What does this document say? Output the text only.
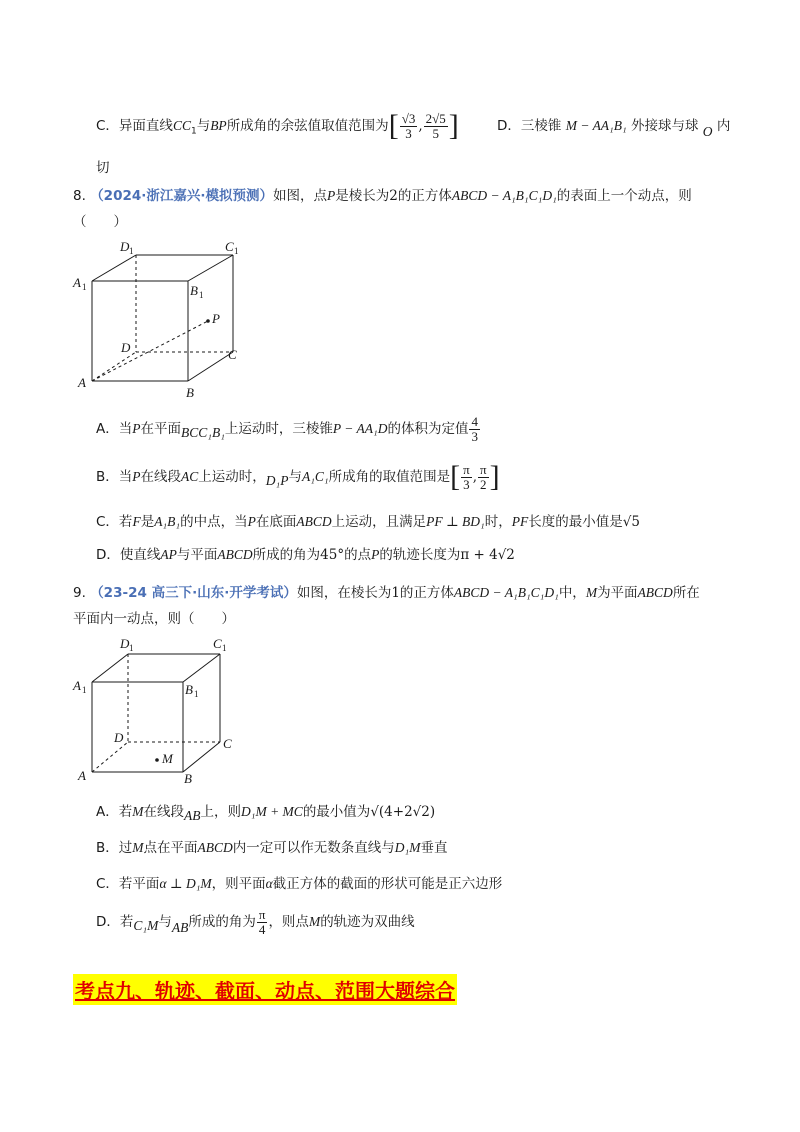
C．异面直线$CC_1$与BP所成角的余弦值取值范围为[ $\frac{√3}{3}$ , $\frac{2√5}{5}$ ]	D．三棱锥 M − AA₁B₁ 外接球与球 O 内
切
8. （2024·浙江嘉兴·模拟预测）如图，点P是棱长为2的正方体ABCD − A₁B₁C₁D₁的表面上一个动点，则
（　　）
D 1	C 1
A 1	B 1
P
D	C
A
B
A．当P在平面BCC₁B₁上运动时，三棱锥P − AA₁D的体积为定值 $\frac{4}{3}$
B．当P在线段AC上运动时，D₁P与A₁C₁所成角的取值范围是[ $\frac{\pi}{3}$ , $\frac{\pi}{2}$ ]
C．若F是A₁B₁的中点，当P在底面ABCD上运动，且满足PF ⊥ BD₁时，PF长度的最小值是√5
D．使直线AP与平面ABCD所成的角为45°的点P的轨迹长度为π + 4√2
9. （23-24 高三下·山东·开学考试）如图，在棱长为1的正方体ABCD − A₁B₁C₁D₁中，M为平面ABCD所在
平面内一动点，则（　　）
D 1	C 1
A 1	B 1
D	C
M
A	B
A．若M在线段AB上，则D₁M + MC的最小值为√(4+2√2)
B．过M点在平面ABCD内一定可以作无数条直线与D₁M垂直
C．若平面α ⊥ D₁M，则平面α截正方体的截面的形状可能是正六边形
D．若C₁M与AB所成的角为 $\frac{\pi}{4}$ ，则点M的轨迹为双曲线
考点九、轨迹、截面、动点、范围大题综合
